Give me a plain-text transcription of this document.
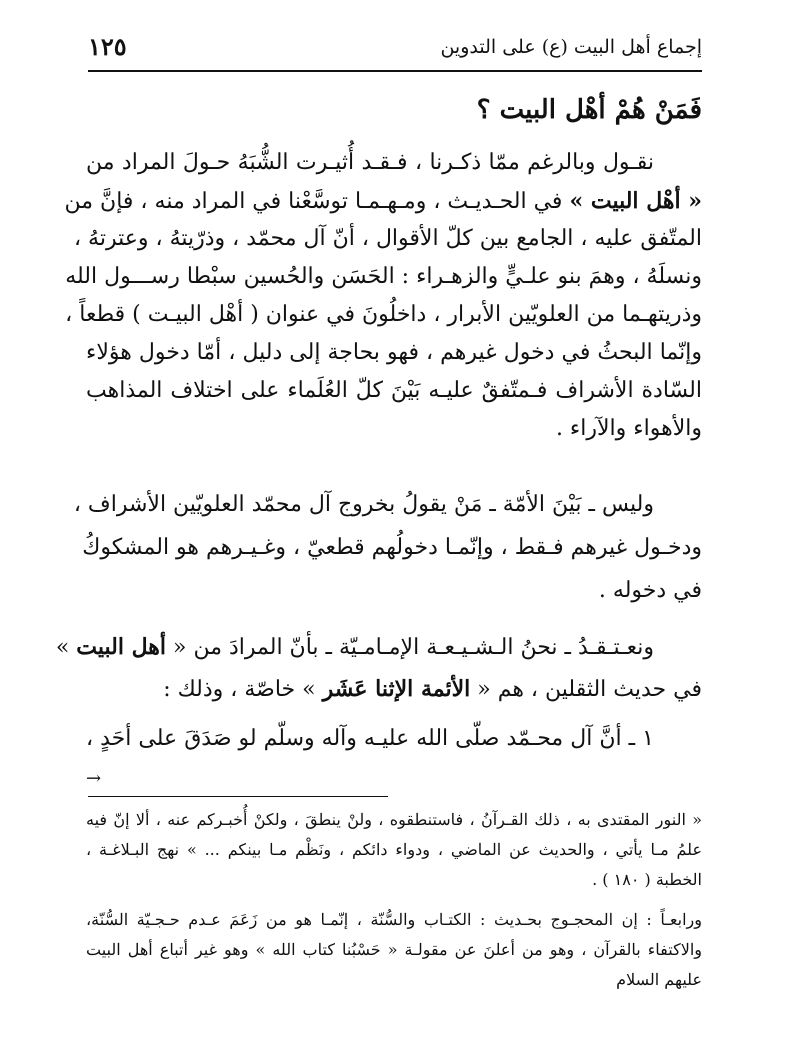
إجماع أهل البيت (ع) على التدوين
١٢٥
فَمَنْ هُمْ أهْل البيت ؟
نقـول وبالرغم ممّا ذكـرنا ، فـقـد أُثيـرت الشُّبَهُ حـولَ المراد من
« أهْل البيت » في الحـديـث ، ومـهـمـا توسَّعْنا في المراد منه ، فإنَّ من
المتّفق عليه ، الجامع بين كلّ الأقوال ، أنّ آل محمّد ، وذرّيتهُ ، وعترتهُ ،
ونسلَهُ ، وهمَ بنو علـيٍّ والزهـراء : الحَسَن والحُسين سبْطا رســـول الله
وذريتهـما من العلويّين الأبرار ، داخلُونَ في عنوان ( أهْل البيـت ) قطعاً ،
وإنّما البحثُ في دخول غيرهم ، فهو بحاجة إلى دليل ، أمّا دخول هؤلاء
السّادة الأشراف فـمتّفقٌ عليـه بَيْنَ كلّ العُلَماء على اختلاف المذاهب
والأهواء والآراء .
وليس ـ بَيْنَ الأمّة ـ مَنْ يقولُ بخروج آل محمّد العلويّين الأشراف ،
ودخـول غيرهم فـقط ، وإنّمـا دخولُهم قطعيّ ، وغـيـرهم هو المشكوكُ
في دخوله .
ونعـتـقـدُ ـ نحنُ الـشـيـعـة الإمـامـيّة ـ بأنّ المرادَ من « أهل البيت »
في حديث الثقلين ، هم « الأئمة الإثنا عَشَر » خاصّة ، وذلك :
١ ـ أنَّ آل محـمّد صلّى الله عليـه وآله وسلّم لو صَدَقَ على أحَدٍ ،
→
« النور المقتدى به ، ذلك القـرآنُ ، فاستنطقوه ، ولنْ ينطقَ ، ولكنْ أُخبـركم عنه ، ألا إنّ فيه
علمُ مـا يأتي ، والحديث عن الماضي ، ودواء دائكم ، ونَظْم مـا بينكم ... » نهج البـلاغـة ،
الخطبة ( ١٨٠ ) .
ورابعـاً : إن المحجـوج بحـديث : الكتـاب والسُّنّة ، إنّمـا هو من زَعَمَ عـدم حـجـيّة السُّنّة،
والاكتفاء بالقرآن ، وهو من أعلنَ عن مقولـة « حَسْبُنا كتاب الله » وهو غير أتباع أهل البيت
عليهم السلام
